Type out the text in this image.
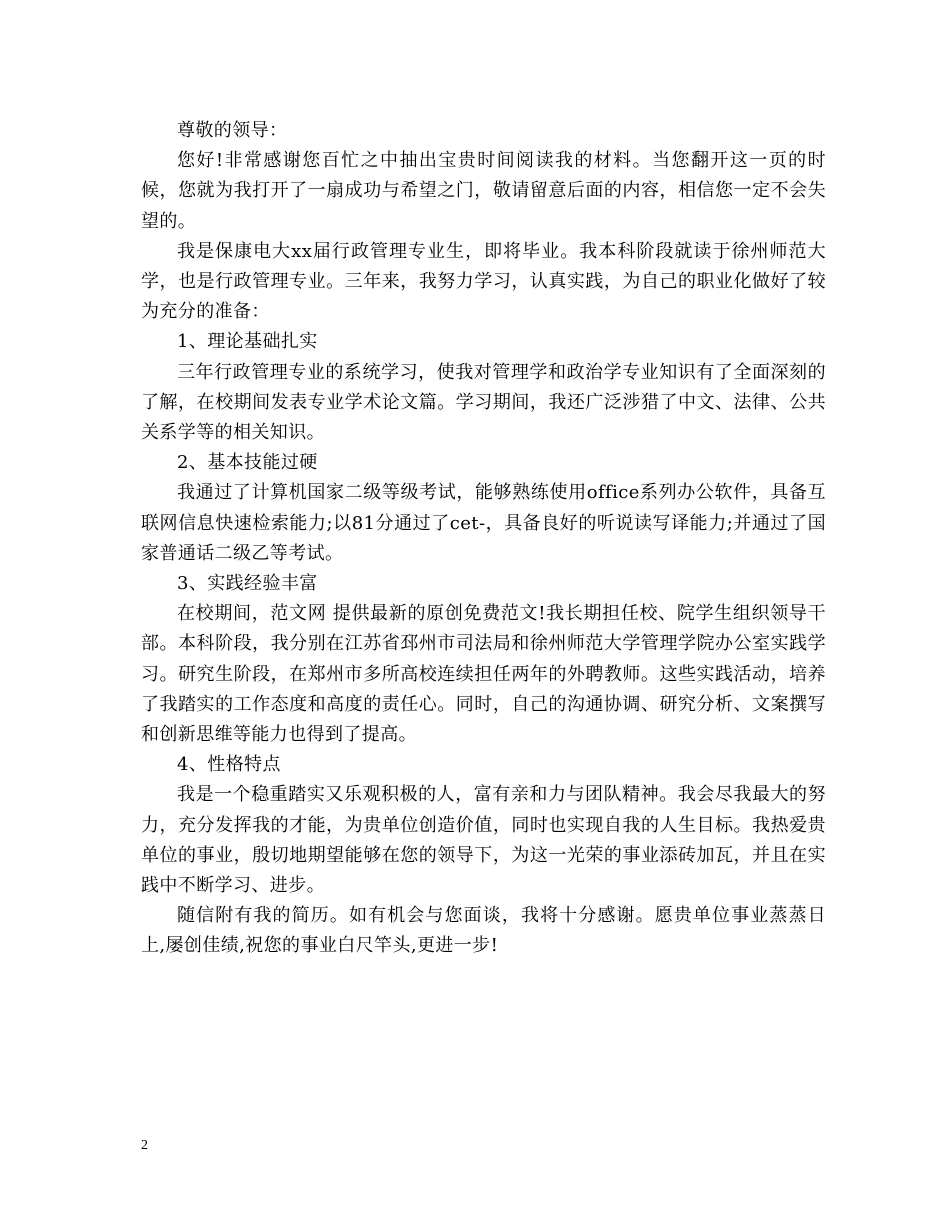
尊敬的领导：

您好!非常感谢您百忙之中抽出宝贵时间阅读我的材料。当您翻开这一页的时候，您就为我打开了一扇成功与希望之门，敬请留意后面的内容，相信您一定不会失望的。

我是保康电大xx届行政管理专业生，即将毕业。我本科阶段就读于徐州师范大学，也是行政管理专业。三年来，我努力学习，认真实践，为自己的职业化做好了较为充分的准备：

1、理论基础扎实

三年行政管理专业的系统学习，使我对管理学和政治学专业知识有了全面深刻的了解，在校期间发表专业学术论文篇。学习期间，我还广泛涉猎了中文、法律、公共关系学等的相关知识。

2、基本技能过硬

我通过了计算机国家二级等级考试，能够熟练使用office系列办公软件，具备互联网信息快速检索能力;以81分通过了cet-，具备良好的听说读写译能力;并通过了国家普通话二级乙等考试。

3、实践经验丰富

在校期间，范文网 提供最新的原创免费范文!我长期担任校、院学生组织领导干部。本科阶段，我分别在江苏省邳州市司法局和徐州师范大学管理学院办公室实践学习。研究生阶段，在郑州市多所高校连续担任两年的外聘教师。这些实践活动，培养了我踏实的工作态度和高度的责任心。同时，自己的沟通协调、研究分析、文案撰写和创新思维等能力也得到了提高。

4、性格特点

我是一个稳重踏实又乐观积极的人，富有亲和力与团队精神。我会尽我最大的努力，充分发挥我的才能，为贵单位创造价值，同时也实现自我的人生目标。我热爱贵单位的事业，殷切地期望能够在您的领导下，为这一光荣的事业添砖加瓦，并且在实践中不断学习、进步。

随信附有我的简历。如有机会与您面谈，我将十分感谢。愿贵单位事业蒸蒸日上,屡创佳绩,祝您的事业白尺竿头,更进一步!

2
